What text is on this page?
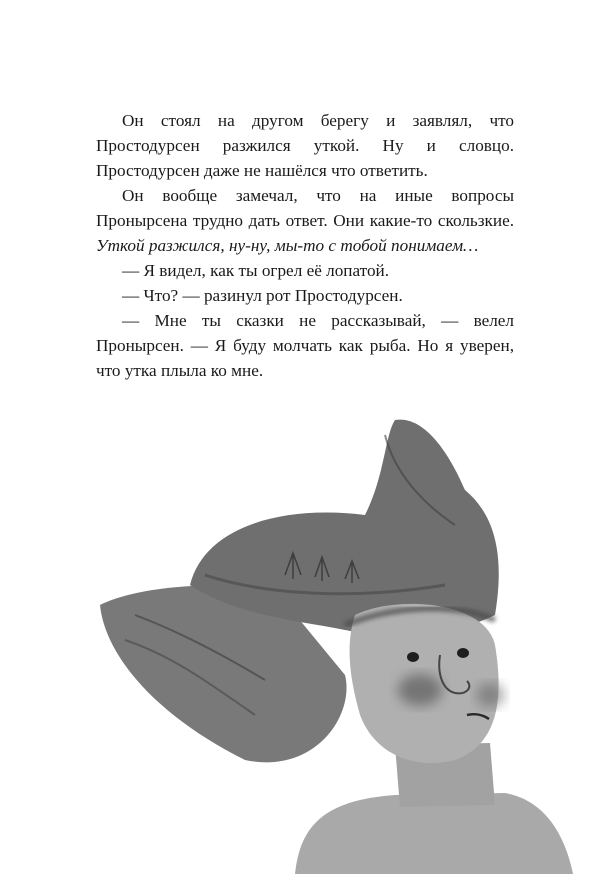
Он стоял на другом берегу и заявлял, что Простодурсен разжился уткой. Ну и словцо. Простодурсен даже не нашёлся что ответить.

Он вообще замечал, что на иные вопросы Пронырсена трудно дать ответ. Они какие-то скользкие. Уткой разжился, ну-ну, мы-то с тобой понимаем…

— Я видел, как ты огрел её лопатой.

— Что? — разинул рот Простодурсен.

— Мне ты сказки не рассказывай, — велел Пронырсен. — Я буду молчать как рыба. Но я уверен, что утка плыла ко мне.
